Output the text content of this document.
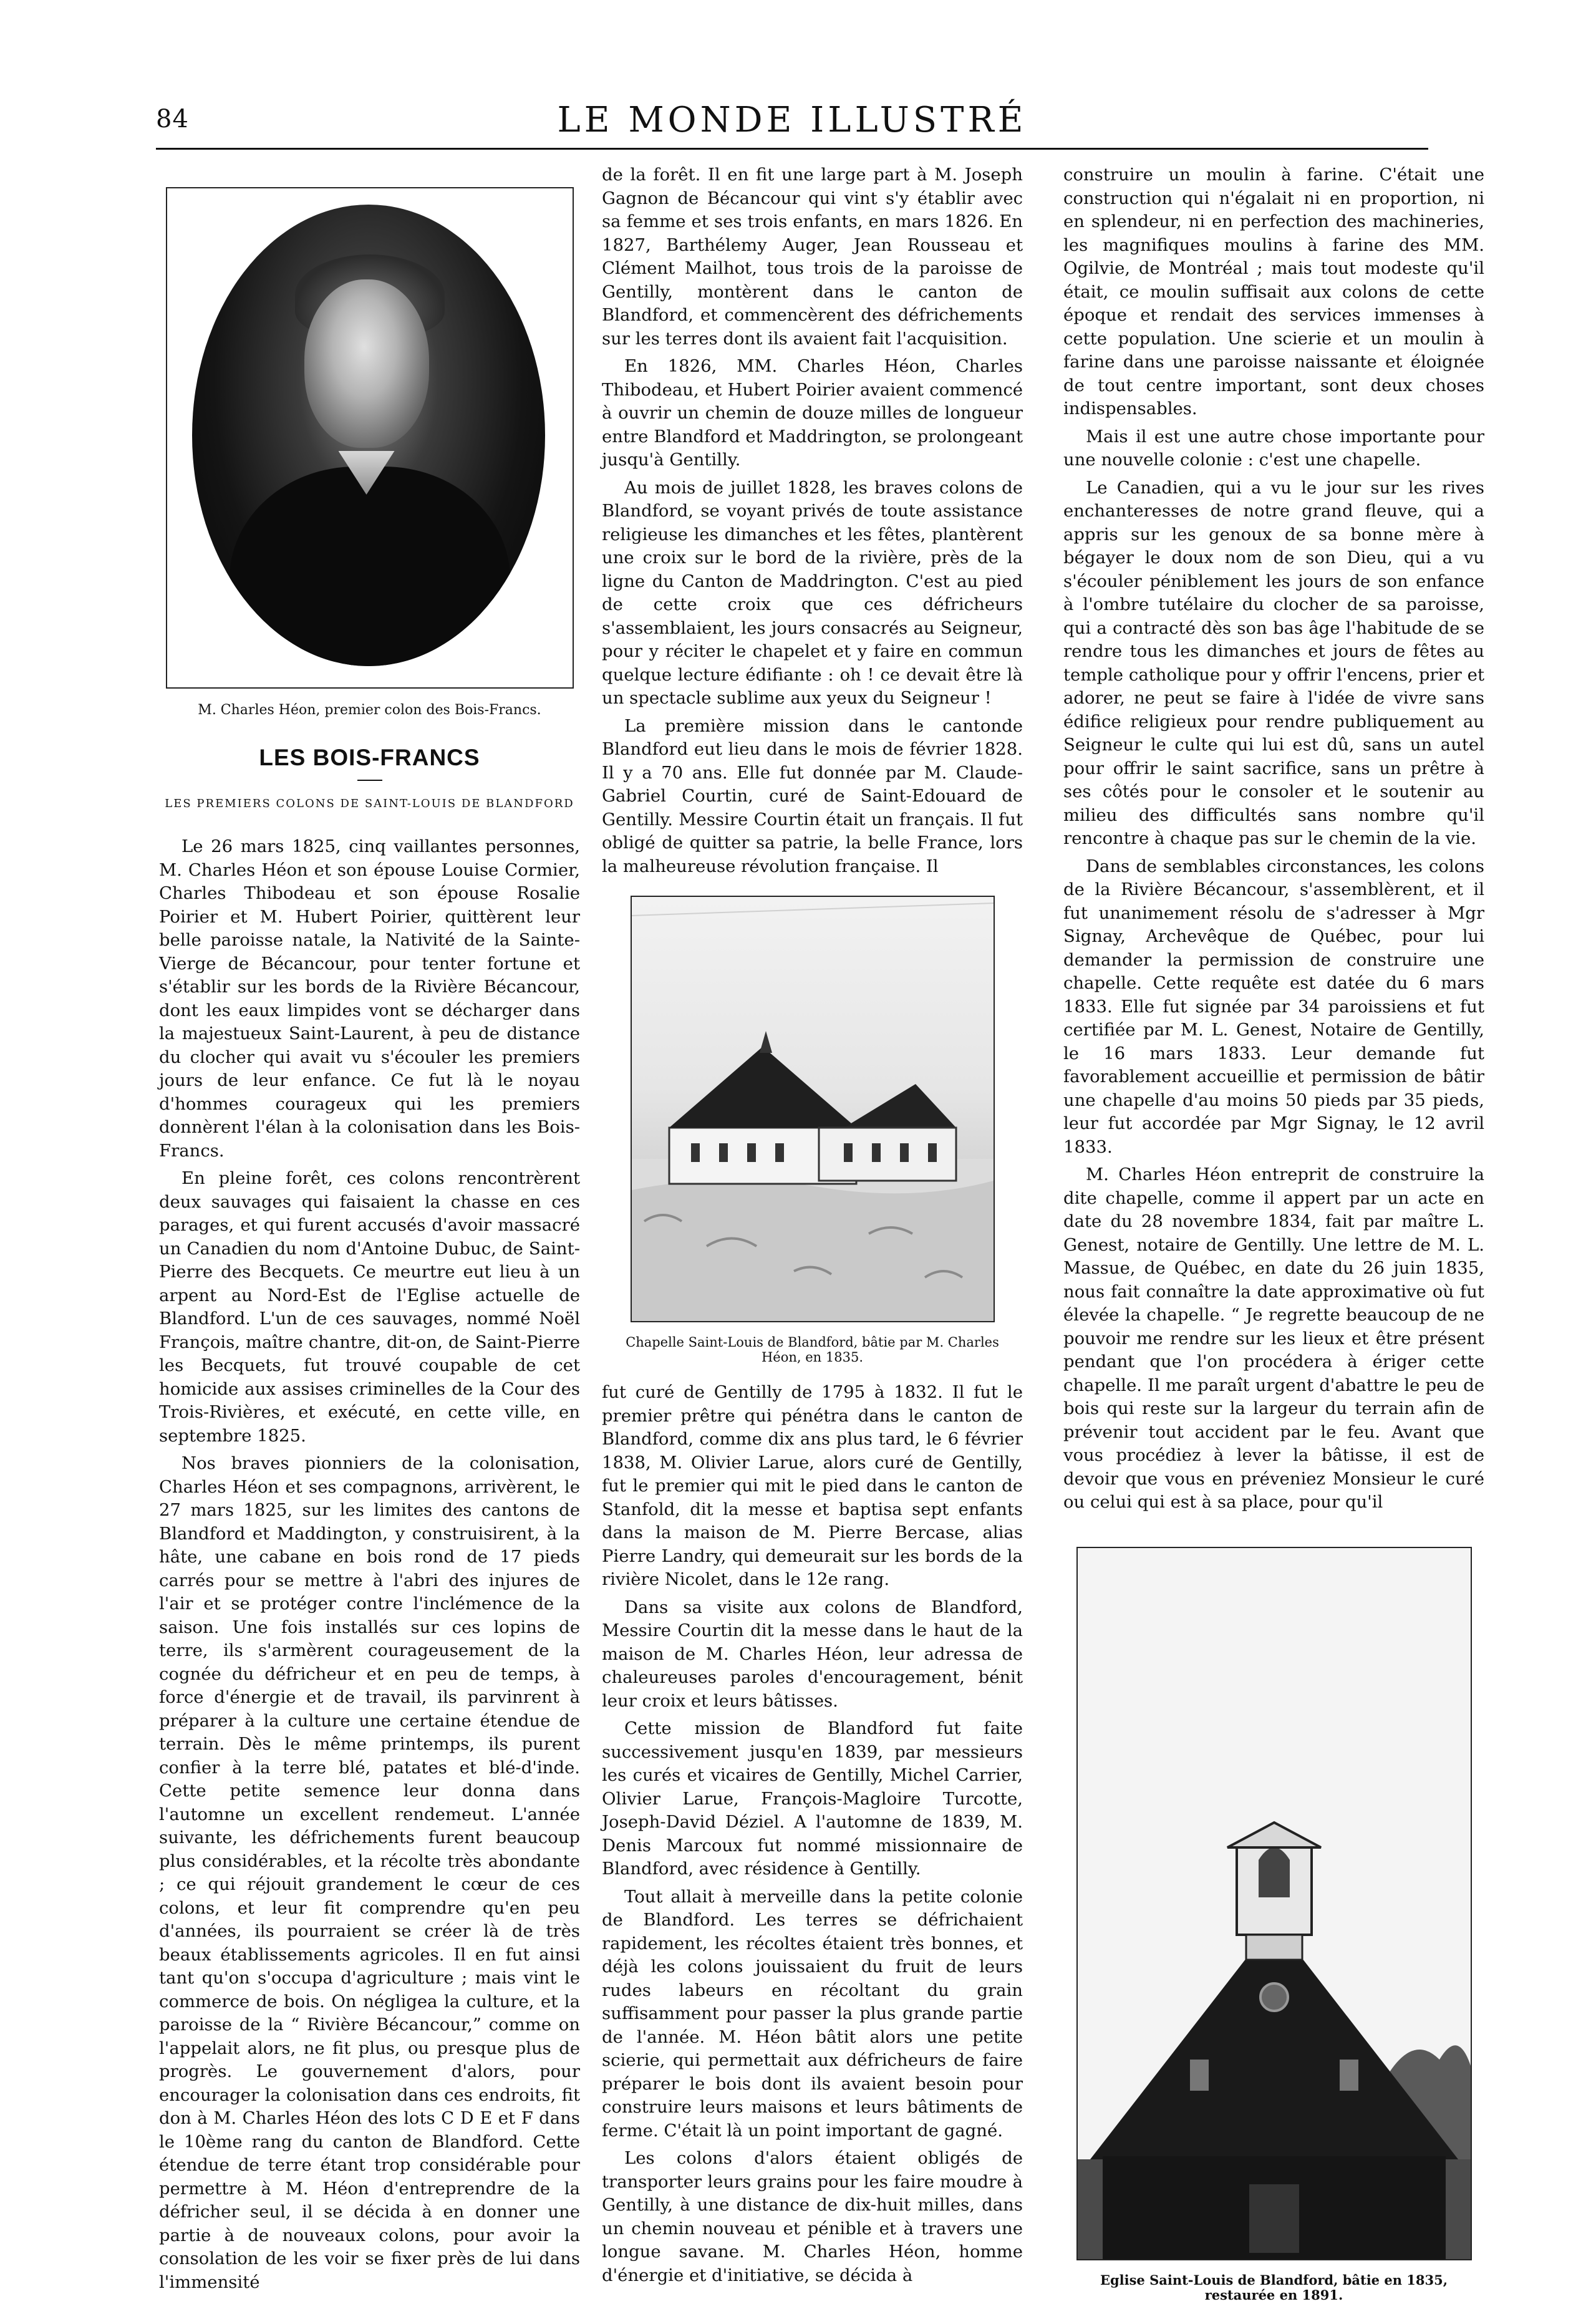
84	LE MONDE ILLUSTRÉ
M. Charles Héon, premier colon des Bois-Francs.
LES BOIS-FRANCS
LES PREMIERS COLONS DE SAINT-LOUIS DE BLANDFORD

Le 26 mars 1825, cinq vaillantes personnes, M. Charles Héon et son épouse Louise Cormier, Charles Thibodeau et son épouse Rosalie Poirier et M. Hubert Poirier, quittèrent leur belle paroisse natale, la Nativité de la Sainte-Vierge de Bécancour, pour tenter fortune et s'établir sur les bords de la Rivière Bécancour, dont les eaux limpides vont se décharger dans la majestueux Saint-Laurent, à peu de distance du clocher qui avait vu s'écouler les premiers jours de leur enfance. Ce fut là le noyau d'hommes courageux qui les premiers donnèrent l'élan à la colonisation dans les Bois-Francs.

En pleine forêt, ces colons rencontrèrent deux sauvages qui faisaient la chasse en ces parages, et qui furent accusés d'avoir massacré un Canadien du nom d'Antoine Dubuc, de Saint-Pierre des Becquets. Ce meurtre eut lieu à un arpent au Nord-Est de l'Eglise actuelle de Blandford. L'un de ces sauvages, nommé Noël François, maître chantre, dit-on, de Saint-Pierre les Becquets, fut trouvé coupable de cet homicide aux assises criminelles de la Cour des Trois-Rivières, et exécuté, en cette ville, en septembre 1825.

Nos braves pionniers de la colonisation, Charles Héon et ses compagnons, arrivèrent, le 27 mars 1825, sur les limites des cantons de Blandford et Maddington, y construisirent, à la hâte, une cabane en bois rond de 17 pieds carrés pour se mettre à l'abri des injures de l'air et se protéger contre l'inclémence de la saison. Une fois installés sur ces lopins de terre, ils s'armèrent courageusement de la cognée du défricheur et en peu de temps, à force d'énergie et de travail, ils parvinrent à préparer à la culture une certaine étendue de terrain. Dès le même printemps, ils purent confier à la terre blé, patates et blé-d'inde. Cette petite semence leur donna dans l'automne un excellent rendemeut. L'année suivante, les défrichements furent beaucoup plus considérables, et la récolte très abondante ; ce qui réjouit grandement le cœur de ces colons, et leur fit comprendre qu'en peu d'années, ils pourraient se créer là de très beaux établissements agricoles. Il en fut ainsi tant qu'on s'occupa d'agriculture ; mais vint le commerce de bois. On négligea la culture, et la paroisse de la “ Rivière Bécancour,” comme on l'appelait alors, ne fit plus, ou presque plus de progrès. Le gouvernement d'alors, pour encourager la colonisation dans ces endroits, fit don à M. Charles Héon des lots C D E et F dans le 10ème rang du canton de Blandford. Cette étendue de terre étant trop considérable pour permettre à M. Héon d'entreprendre de la défricher seul, il se décida à en donner une partie à de nouveaux colons, pour avoir la consolation de les voir se fixer près de lui dans l'immensité

de la forêt. Il en fit une large part à M. Joseph Gagnon de Bécancour qui vint s'y établir avec sa femme et ses trois enfants, en mars 1826. En 1827, Barthélemy Auger, Jean Rousseau et Clément Mailhot, tous trois de la paroisse de Gentilly, montèrent dans le canton de Blandford, et commencèrent des défrichements sur les terres dont ils avaient fait l'acquisition.

En 1826, MM. Charles Héon, Charles Thibodeau, et Hubert Poirier avaient commencé à ouvrir un chemin de douze milles de longueur entre Blandford et Maddrington, se prolongeant jusqu'à Gentilly.

Au mois de juillet 1828, les braves colons de Blandford, se voyant privés de toute assistance religieuse les dimanches et les fêtes, plantèrent une croix sur le bord de la rivière, près de la ligne du Canton de Maddrington. C'est au pied de cette croix que ces défricheurs s'assemblaient, les jours consacrés au Seigneur, pour y réciter le chapelet et y faire en commun quelque lecture édifiante : oh ! ce devait être là un spectacle sublime aux yeux du Seigneur !

La première mission dans le cantonde Blandford eut lieu dans le mois de février 1828. Il y a 70 ans. Elle fut donnée par M. Claude-Gabriel Courtin, curé de Saint-Edouard de Gentilly. Messire Courtin était un français. Il fut obligé de quitter sa patrie, la belle France, lors la malheureuse révolution française. Il

Chapelle Saint-Louis de Blandford, bâtie par M. Charles Héon, en 1835.

fut curé de Gentilly de 1795 à 1832. Il fut le premier prêtre qui pénétra dans le canton de Blandford, comme dix ans plus tard, le 6 février 1838, M. Olivier Larue, alors curé de Gentilly, fut le premier qui mit le pied dans le canton de Stanfold, dit la messe et baptisa sept enfants dans la maison de M. Pierre Bercase, alias Pierre Landry, qui demeurait sur les bords de la rivière Nicolet, dans le 12e rang.

Dans sa visite aux colons de Blandford, Messire Courtin dit la messe dans le haut de la maison de M. Charles Héon, leur adressa de chaleureuses paroles d'encouragement, bénit leur croix et leurs bâtisses.

Cette mission de Blandford fut faite successivement jusqu'en 1839, par messieurs les curés et vicaires de Gentilly, Michel Carrier, Olivier Larue, François-Magloire Turcotte, Joseph-David Déziel. A l'automne de 1839, M. Denis Marcoux fut nommé missionnaire de Blandford, avec résidence à Gentilly.

Tout allait à merveille dans la petite colonie de Blandford. Les terres se défrichaient rapidement, les récoltes étaient très bonnes, et déjà les colons jouissaient du fruit de leurs rudes labeurs en récoltant du grain suffisamment pour passer la plus grande partie de l'année. M. Héon bâtit alors une petite scierie, qui permettait aux défricheurs de faire préparer le bois dont ils avaient besoin pour construire leurs maisons et leurs bâtiments de ferme. C'était là un point important de gagné.

Les colons d'alors étaient obligés de transporter leurs grains pour les faire moudre à Gentilly, à une distance de dix-huit milles, dans un chemin nouveau et pénible et à travers une longue savane. M. Charles Héon, homme d'énergie et d'initiative, se décida à

construire un moulin à farine. C'était une construction qui n'égalait ni en proportion, ni en splendeur, ni en perfection des machineries, les magnifiques moulins à farine des MM. Ogilvie, de Montréal ; mais tout modeste qu'il était, ce moulin suffisait aux colons de cette époque et rendait des services immenses à cette population. Une scierie et un moulin à farine dans une paroisse naissante et éloignée de tout centre important, sont deux choses indispensables.

Mais il est une autre chose importante pour une nouvelle colonie : c'est une chapelle.

Le Canadien, qui a vu le jour sur les rives enchanteresses de notre grand fleuve, qui a appris sur les genoux de sa bonne mère à bégayer le doux nom de son Dieu, qui a vu s'écouler péniblement les jours de son enfance à l'ombre tutélaire du clocher de sa paroisse, qui a contracté dès son bas âge l'habitude de se rendre tous les dimanches et jours de fêtes au temple catholique pour y offrir l'encens, prier et adorer, ne peut se faire à l'idée de vivre sans édifice religieux pour rendre publiquement au Seigneur le culte qui lui est dû, sans un autel pour offrir le saint sacrifice, sans un prêtre à ses côtés pour le consoler et le soutenir au milieu des difficultés sans nombre qu'il rencontre à chaque pas sur le chemin de la vie.

Dans de semblables circonstances, les colons de la Rivière Bécancour, s'assemblèrent, et il fut unanimement résolu de s'adresser à Mgr Signay, Archevêque de Québec, pour lui demander la permission de construire une chapelle. Cette requête est datée du 6 mars 1833. Elle fut signée par 34 paroissiens et fut certifiée par M. L. Genest, Notaire de Gentilly, le 16 mars 1833. Leur demande fut favorablement accueillie et permission de bâtir une chapelle d'au moins 50 pieds par 35 pieds, leur fut accordée par Mgr Signay, le 12 avril 1833.

M. Charles Héon entreprit de construire la dite chapelle, comme il appert par un acte en date du 28 novembre 1834, fait par maître L. Genest, notaire de Gentilly. Une lettre de M. L. Massue, de Québec, en date du 26 juin 1835, nous fait connaître la date approximative où fut élevée la chapelle. “ Je regrette beaucoup de ne pouvoir me rendre sur les lieux et être présent pendant que l'on procédera à ériger cette chapelle. Il me paraît urgent d'abattre le peu de bois qui reste sur la largeur du terrain afin de prévenir tout accident par le feu. Avant que vous procédiez à lever la bâtisse, il est de devoir que vous en préveniez Monsieur le curé ou celui qui est à sa place, pour qu'il

Eglise Saint-Louis de Blandford, bâtie en 1835, restaurée en 1891.
